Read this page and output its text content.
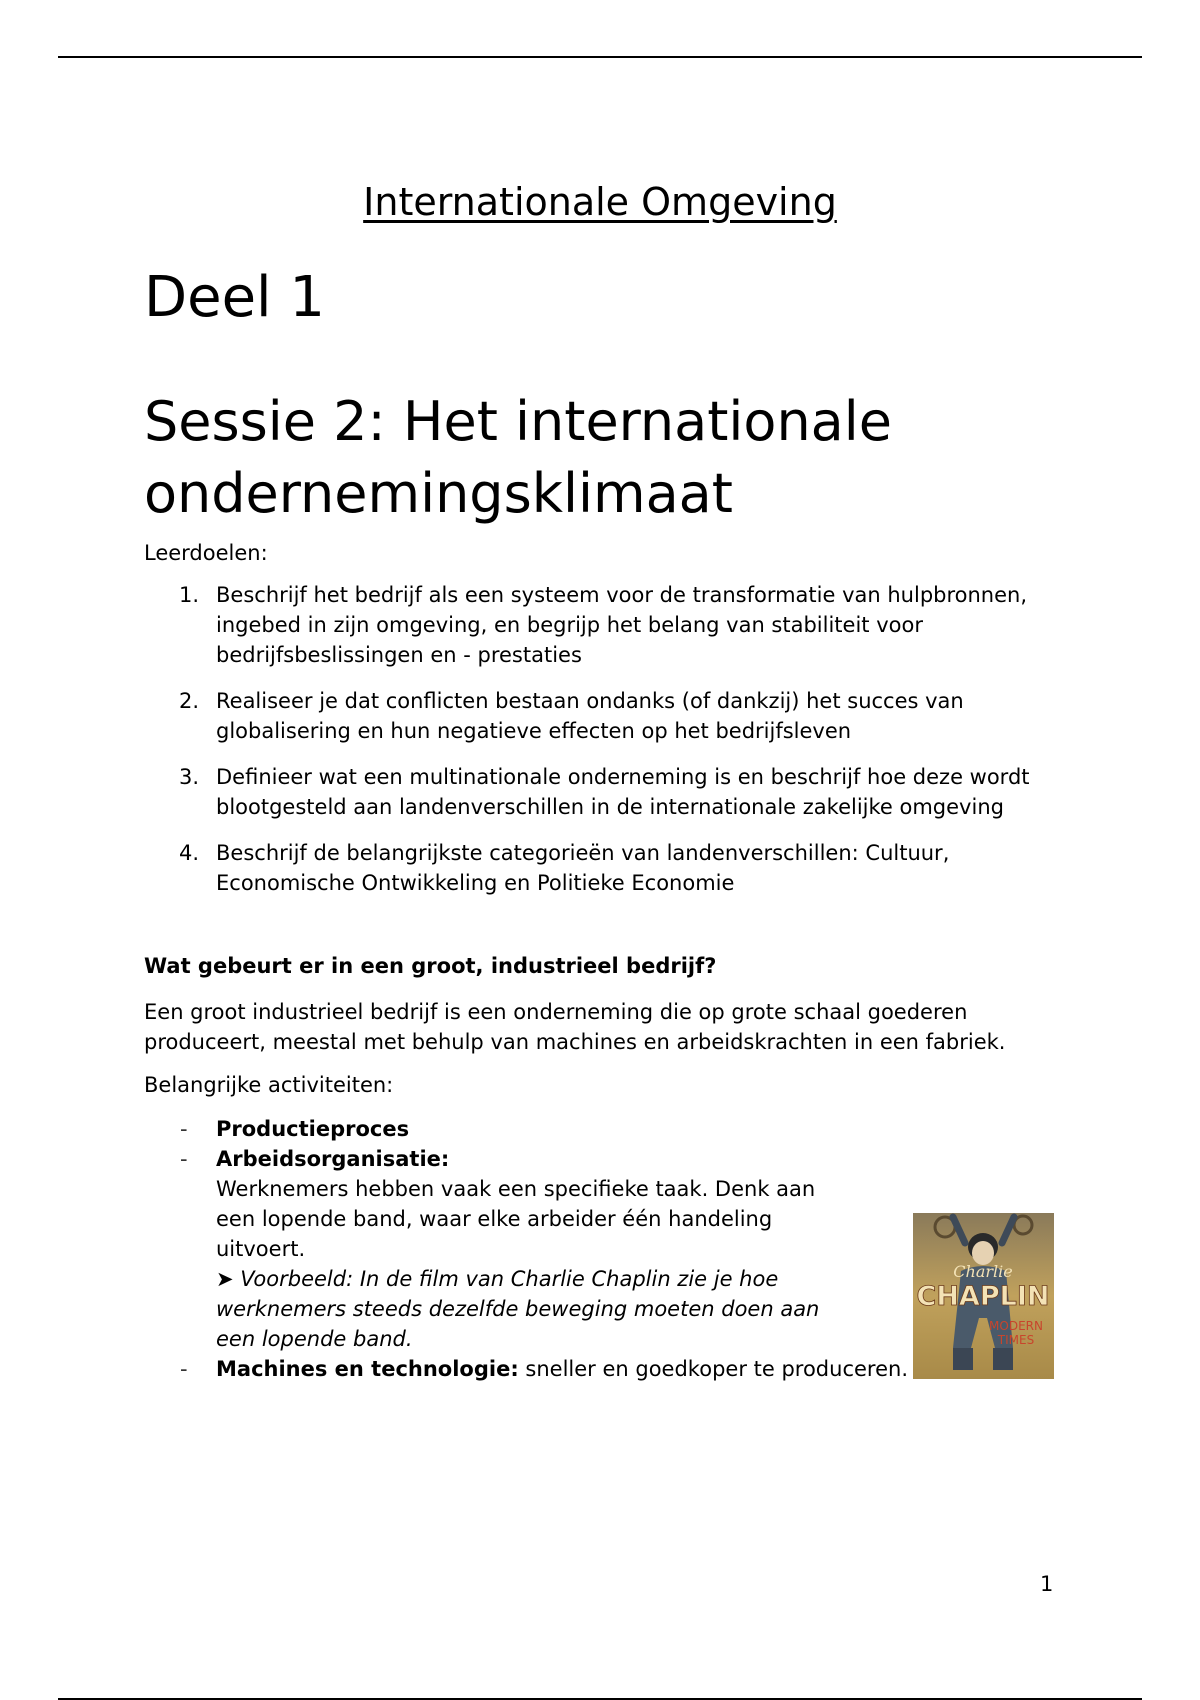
Internationale Omgeving
Deel 1
Sessie 2: Het internationale ondernemingsklimaat

Leerdoelen:

1. Beschrijf het bedrijf als een systeem voor de transformatie van hulpbronnen, ingebed in zijn omgeving, en begrijp het belang van stabiliteit voor bedrijfsbeslissingen en - prestaties
2. Realiseer je dat conflicten bestaan ondanks (of dankzij) het succes van globalisering en hun negatieve effecten op het bedrijfsleven
3. Definieer wat een multinationale onderneming is en beschrijf hoe deze wordt blootgesteld aan landenverschillen in de internationale zakelijke omgeving
4. Beschrijf de belangrijkste categorieën van landenverschillen: Cultuur, Economische Ontwikkeling en Politieke Economie

Wat gebeurt er in een groot, industrieel bedrijf?

Een groot industrieel bedrijf is een onderneming die op grote schaal goederen produceert, meestal met behulp van machines en arbeidskrachten in een fabriek.

Belangrijke activiteiten:

- Productieproces
- Arbeidsorganisatie:
Werknemers hebben vaak een specifieke taak. Denk aan een lopende band, waar elke arbeider één handeling uitvoert.
➤ Voorbeeld: In de film van Charlie Chaplin zie je hoe werknemers steeds dezelfde beweging moeten doen aan een lopende band.
- Machines en technologie: sneller en goedkoper te produceren.
Charlie
CHAPLIN
MODERN
TIMES
1
